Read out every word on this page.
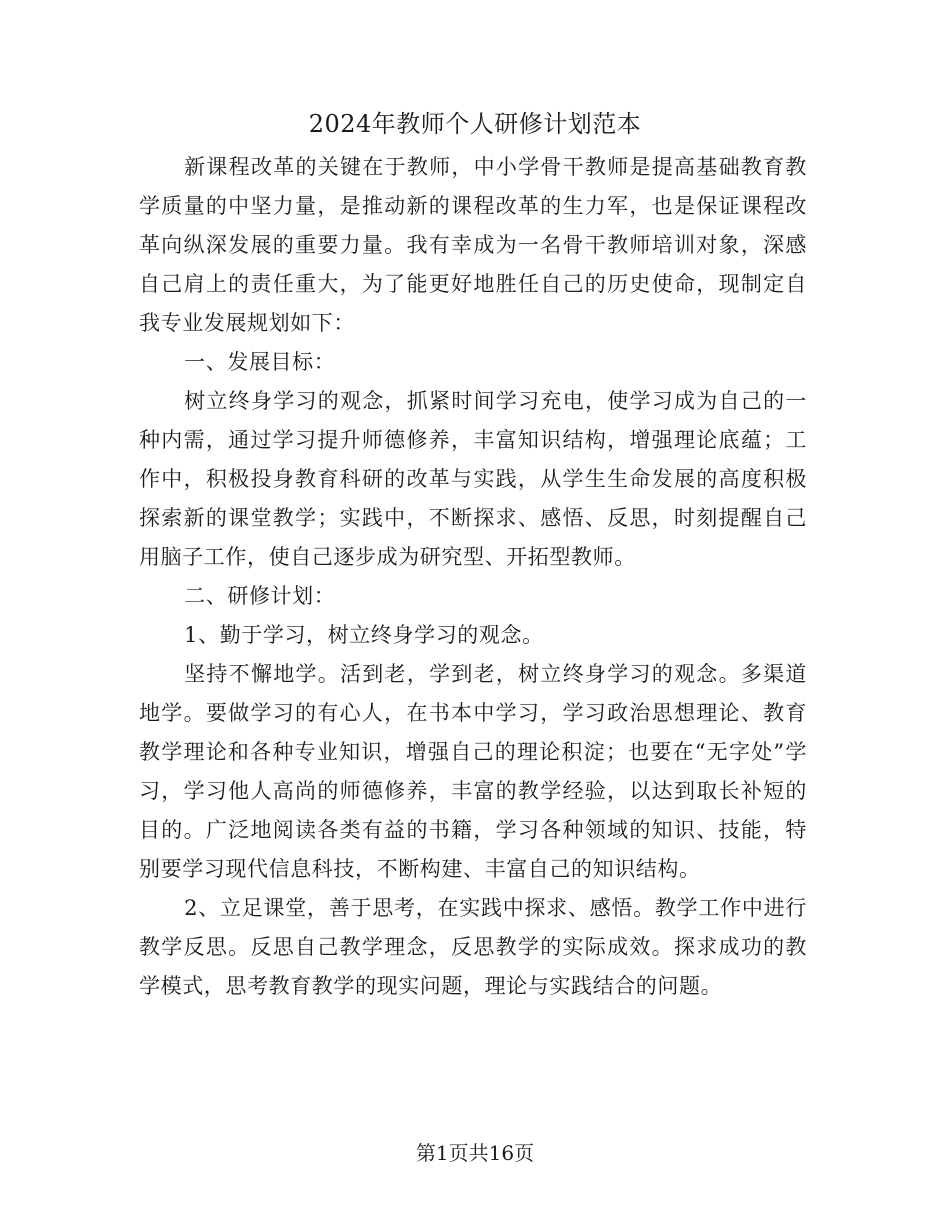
2024年教师个人研修计划范本

新课程改革的关键在于教师，中小学骨干教师是提高基础教育教学质量的中坚力量，是推动新的课程改革的生力军，也是保证课程改革向纵深发展的重要力量。我有幸成为一名骨干教师培训对象，深感自己肩上的责任重大，为了能更好地胜任自己的历史使命，现制定自我专业发展规划如下：

一、发展目标：

树立终身学习的观念，抓紧时间学习充电，使学习成为自己的一种内需，通过学习提升师德修养，丰富知识结构，增强理论底蕴；工作中，积极投身教育科研的改革与实践，从学生生命发展的高度积极探索新的课堂教学；实践中，不断探求、感悟、反思，时刻提醒自己用脑子工作，使自己逐步成为研究型、开拓型教师。

二、研修计划：

1、勤于学习，树立终身学习的观念。

坚持不懈地学。活到老，学到老，树立终身学习的观念。多渠道地学。要做学习的有心人，在书本中学习，学习政治思想理论、教育教学理论和各种专业知识，增强自己的理论积淀；也要在“无字处”学习，学习他人高尚的师德修养，丰富的教学经验，以达到取长补短的目的。广泛地阅读各类有益的书籍，学习各种领域的知识、技能，特别要学习现代信息科技，不断构建、丰富自己的知识结构。

2、立足课堂，善于思考，在实践中探求、感悟。教学工作中进行教学反思。反思自己教学理念，反思教学的实际成效。探求成功的教学模式，思考教育教学的现实问题，理论与实践结合的问题。

第1页共16页
